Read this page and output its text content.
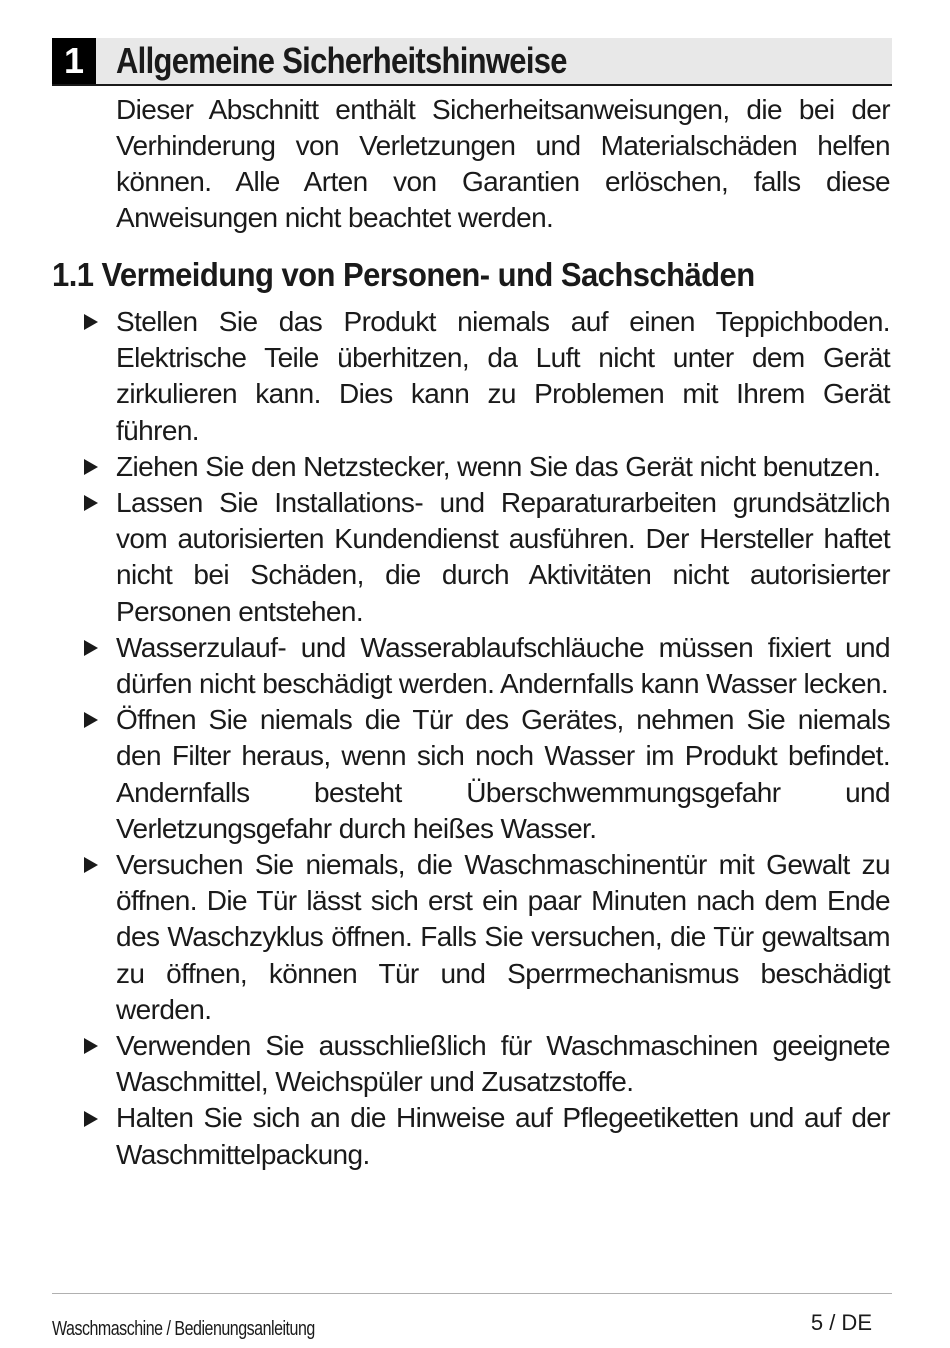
1 Allgemeine Sicherheitshinweise

Dieser Abschnitt enthält Sicherheitsanweisungen, die bei der Verhinderung von Verletzungen und Materialschäden helfen können. Alle Arten von Garantien erlöschen, falls diese Anweisungen nicht beachtet werden.

1.1 Vermeidung von Personen- und Sachschäden
Stellen Sie das Produkt niemals auf einen Teppichboden. Elektrische Teile überhitzen, da Luft nicht unter dem Gerät zirkulieren kann. Dies kann zu Problemen mit Ihrem Gerät führen.
Ziehen Sie den Netzstecker, wenn Sie das Gerät nicht benutzen.
Lassen Sie Installations- und Reparaturarbeiten grundsätzlich vom autorisierten Kundendienst ausführen. Der Hersteller haftet nicht bei Schäden, die durch Aktivitäten nicht autorisierter Personen entstehen.
Wasserzulauf- und Wasserablaufschläuche müssen fixiert und dürfen nicht beschädigt werden. Andernfalls kann Wasser lecken.
Öffnen Sie niemals die Tür des Gerätes, nehmen Sie niemals den Filter heraus, wenn sich noch Wasser im Produkt befindet. Andernfalls besteht Überschwemmungsgefahr und Verletzungsgefahr durch heißes Wasser.
Versuchen Sie niemals, die Waschmaschinentür mit Gewalt zu öffnen. Die Tür lässt sich erst ein paar Minuten nach dem Ende des Waschzyklus öffnen. Falls Sie versuchen, die Tür gewaltsam zu öffnen, können Tür und Sperrmechanismus beschädigt werden.
Verwenden Sie ausschließlich für Waschmaschinen geeignete Waschmittel, Weichspüler und Zusatzstoffe.
Halten Sie sich an die Hinweise auf Pflegeetiketten und auf der Waschmittelpackung.
Waschmaschine / Bedienungsanleitung	5 / DE
